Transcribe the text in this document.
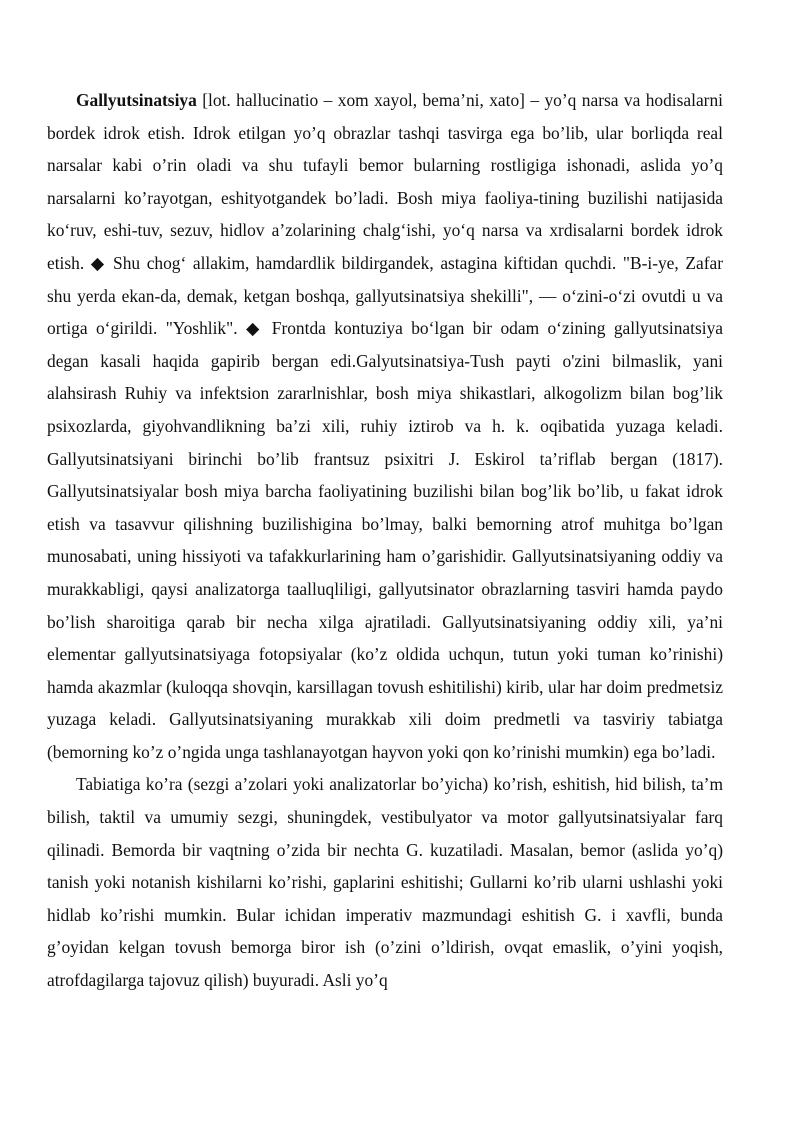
Gallyutsinatsiya [lot. hallucinatio – xom xayol, bema’ni, xato] – yo’q narsa va hodisalarni bordek idrok etish. Idrok etilgan yo’q obrazlar tashqi tasvirga ega bo’lib, ular borliqda real narsalar kabi o’rin oladi va shu tufayli bemor bularning rostligiga ishonadi, aslida yo’q narsalarni ko’rayotgan, eshityotgandek bo’ladi. Bosh miya faoliya-tining buzilishi natijasida ko‘ruv, eshi-tuv, sezuv, hidlov a’zolarining chalg‘ishi, yo‘q narsa va xrdisalarni bordek idrok etish. ◆ Shu chog‘ allakim, hamdardlik bildirgandek, astagina kiftidan quchdi. "B-i-ye, Zafar shu yerda ekan-da, demak, ketgan boshqa, gallyutsinatsiya shekilli", — o‘zini-o‘zi ovutdi u va ortiga o‘girildi. "Yoshlik". ◆ Frontda kontuziya bo‘lgan bir odam o‘zining gallyutsinatsiya degan kasali haqida gapirib bergan edi.Galyutsinatsiya-Tush payti o'zini bilmaslik, yani alahsirash Ruhiy va infektsion zararlnishlar, bosh miya shikastlari, alkogolizm bilan bog’lik psixozlarda, giyohvandlikning ba’zi xili, ruhiy iztirob va h. k. oqibatida yuzaga keladi. Gallyutsinatsiyani birinchi bo’lib frantsuz psixitri J. Eskirol ta’riflab bergan (1817). Gallyutsinatsiyalar bosh miya barcha faoliyatining buzilishi bilan bog’lik bo’lib, u fakat idrok etish va tasavvur qilishning buzilishigina bo’lmay, balki bemorning atrof muhitga bo’lgan munosabati, uning hissiyoti va tafakkurlarining ham o’garishidir. Gallyutsinatsiyaning oddiy va murakkabligi, qaysi analizatorga taalluqliligi, gallyutsinator obrazlarning tasviri hamda paydo bo’lish sharoitiga qarab bir necha xilga ajratiladi. Gallyutsinatsiyaning oddiy xili, ya’ni elementar gallyutsinatsiyaga fotopsiyalar (ko’z oldida uchqun, tutun yoki tuman ko’rinishi) hamda akazmlar (kuloqqa shovqin, karsillagan tovush eshitilishi) kirib, ular har doim predmetsiz yuzaga keladi. Gallyutsinatsiyaning murakkab xili doim predmetli va tasviriy tabiatga (bemorning ko’z o’ngida unga tashlanayotgan hayvon yoki qon ko’rinishi mumkin) ega bo’ladi.

Tabiatiga ko’ra (sezgi a’zolari yoki analizatorlar bo’yicha) ko’rish, eshitish, hid bilish, ta’m bilish, taktil va umumiy sezgi, shuningdek, vestibulyator va motor gallyutsinatsiyalar farq qilinadi. Bemorda bir vaqtning o’zida bir nechta G. kuzatiladi. Masalan, bemor (aslida yo’q) tanish yoki notanish kishilarni ko’rishi, gaplarini eshitishi; Gullarni ko’rib ularni ushlashi yoki hidlab ko’rishi mumkin. Bular ichidan imperativ mazmundagi eshitish G. i xavfli, bunda g’oyidan kelgan tovush bemorga biror ish (o’zini o’ldirish, ovqat emaslik, o’yini yoqish, atrofdagilarga tajovuz qilish) buyuradi. Asli yo’q
